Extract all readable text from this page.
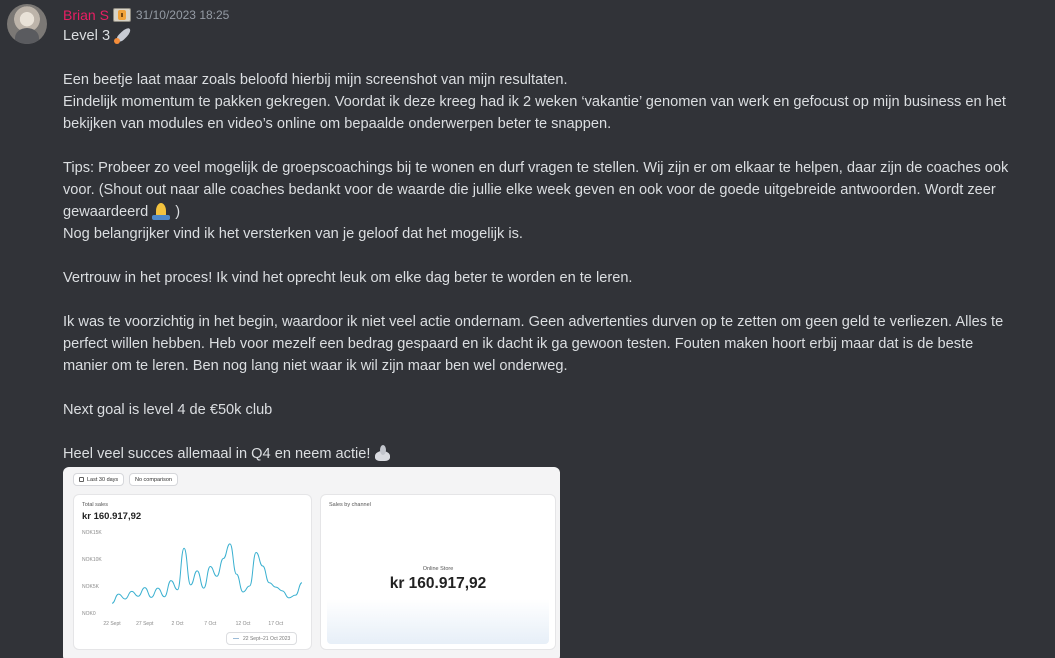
Brian S 31/10/2023 18:25
Level 3
Een beetje laat maar zoals beloofd hierbij mijn screenshot van mijn resultaten.
Eindelijk momentum te pakken gekregen. Voordat ik deze kreeg had ik 2 weken ‘vakantie’ genomen van werk en gefocust op mijn business en het
bekijken van modules en video’s online om bepaalde onderwerpen beter te snappen.
Tips: Probeer zo veel mogelijk de groepscoachings bij te wonen en durf vragen te stellen. Wij zijn er om elkaar te helpen, daar zijn de coaches ook
voor. (Shout out naar alle coaches bedankt voor de waarde die jullie elke week geven en ook voor de goede uitgebreide antwoorden. Wordt zeer
gewaardeerd )
Nog belangrijker vind ik het versterken van je geloof dat het mogelijk is.
Vertrouw in het proces! Ik vind het oprecht leuk om elke dag beter te worden en te leren.
Ik was te voorzichtig in het begin, waardoor ik niet veel actie ondernam. Geen advertenties durven op te zetten om geen geld te verliezen. Alles te
perfect willen hebben. Heb voor mezelf een bedrag gespaard en ik dacht ik ga gewoon testen. Fouten maken hoort erbij maar dat is de beste
manier om te leren. Ben nog lang niet waar ik wil zijn maar ben wel onderweg.
Next goal is level 4 de €50k club
Heel veel succes allemaal in Q4 en neem actie!
Last 30 days	No comparison
Total sales
kr 160.917,92
NOK0
NOK5K
NOK10K
NOK15K
22 Sept	27 Sept	2 Oct	7 Oct	12 Oct	17 Oct
22 Sept–21 Oct 2023
Sales by channel
Online Store
kr 160.917,92
